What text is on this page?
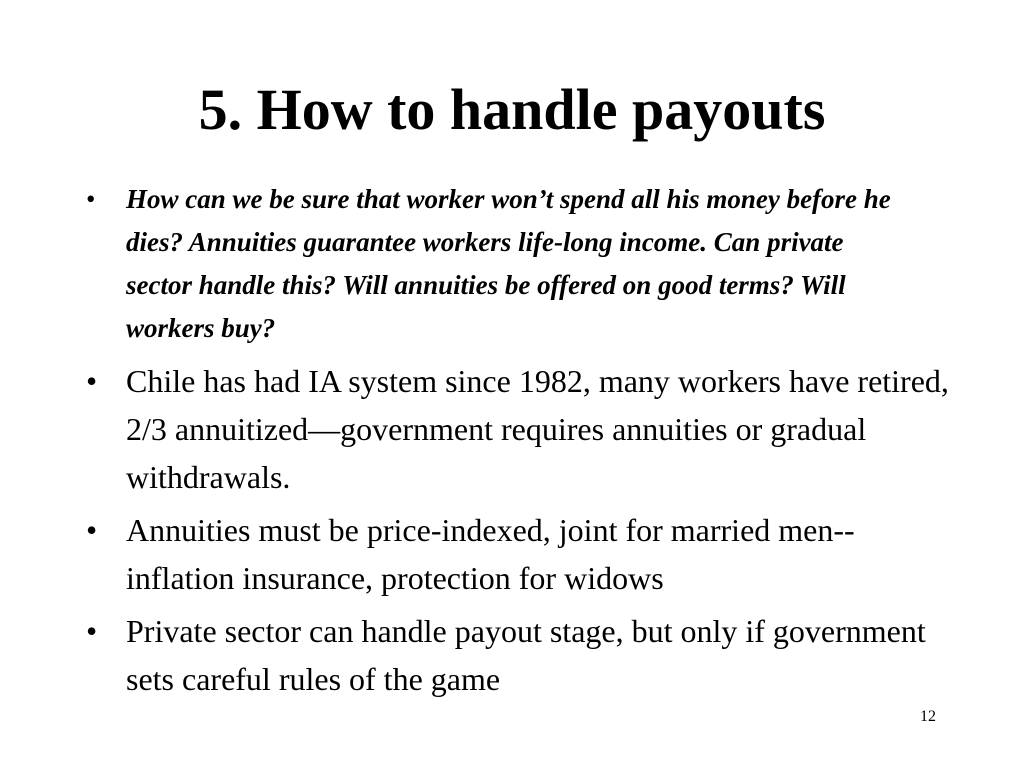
5. How to handle payouts
• How can we be sure that worker won’t spend all his money before he dies? Annuities guarantee workers life-long income. Can private sector handle this? Will annuities be offered on good terms? Will workers buy?
• Chile has had IA system since 1982, many workers have retired, 2/3 annuitized—government requires annuities or gradual withdrawals.
• Annuities must be price-indexed, joint for married men--inflation insurance, protection for widows
• Private sector can handle payout stage, but only if government sets careful rules of the game
12
